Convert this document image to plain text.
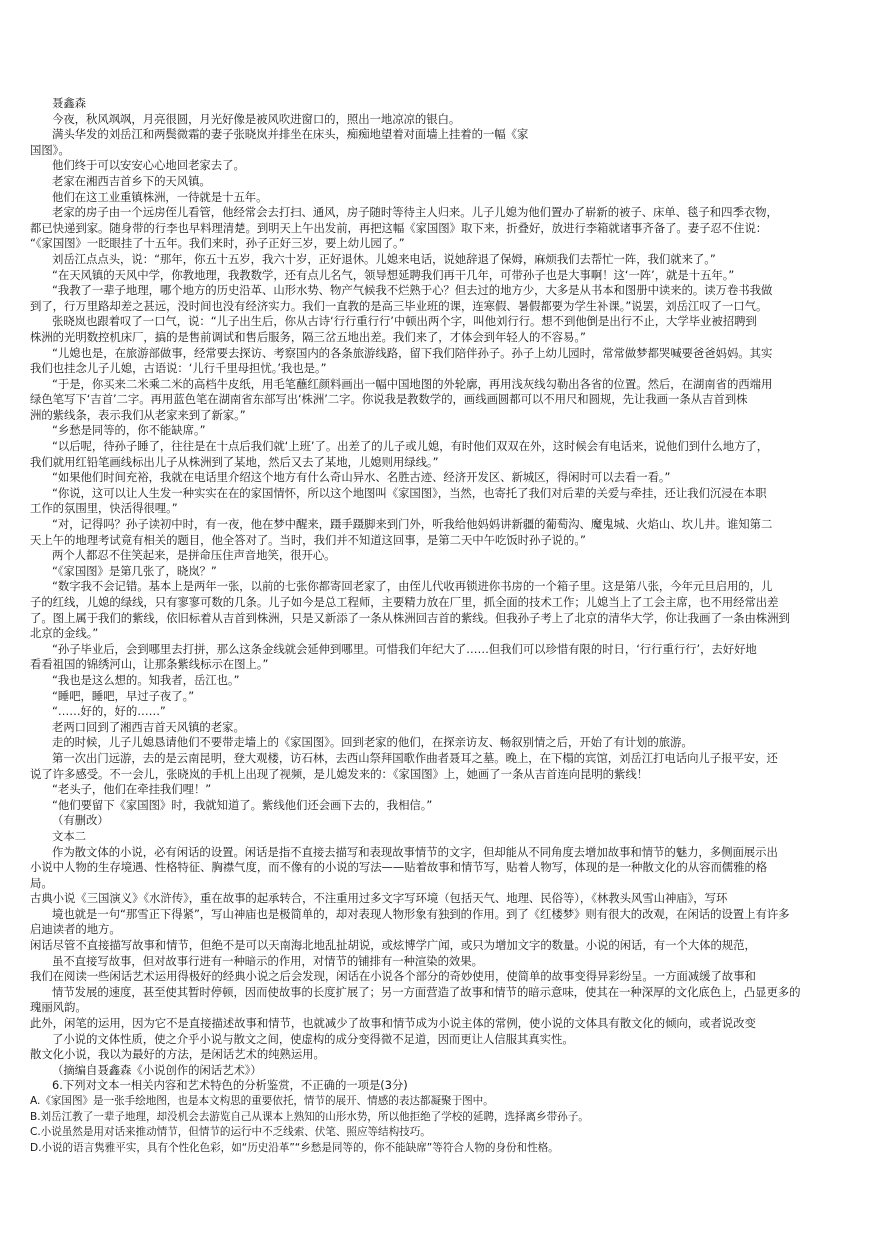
聂鑫森
今夜，秋风飒飒，月亮很圆，月光好像是被风吹进窗口的，照出一地凉凉的银白。
满头华发的刘岳江和两鬓微霜的妻子张晓岚并排坐在床头，痴痴地望着对面墙上挂着的一幅《家
国图》。
他们终于可以安安心心地回老家去了。
老家在湘西吉首乡下的天风镇。
他们在这工业重镇株洲，一待就是十五年。
老家的房子由一个远房侄儿看管，他经常会去打扫、通风，房子随时等待主人归来。儿子儿媳为他们置办了崭新的被子、床单、毯子和四季衣物，
都已快递到家。随身带的行李也早料理清楚。到明天上午出发前，再把这幅《家国图》取下来，折叠好，放进行李箱就诸事齐备了。妻子忍不住说：
“《家国图》一眨眼挂了十五年。我们来时，孙子正好三岁，要上幼儿园了。”
刘岳江点点头，说：“那年，你五十五岁，我六十岁，正好退休。儿媳来电话，说她辞退了保姆，麻烦我们去帮忙一阵，我们就来了。”
“在天风镇的天风中学，你教地理，我教数学，还有点儿名气，领导想延聘我们再干几年，可带孙子也是大事啊！这‘一阵’，就是十五年。”
“我教了一辈子地理，哪个地方的历史沿革、山形水势、物产气候我不烂熟于心？但去过的地方少，大多是从书本和图册中读来的。读万卷书我做
到了，行万里路却差之甚远，没时间也没有经济实力。我们一直教的是高三毕业班的课，连寒假、暑假都要为学生补课。”说罢，刘岳江叹了一口气。
张晓岚也跟着叹了一口气，说：“儿子出生后，你从古诗‘行行重行行’中顿出两个字，叫他刘行行。想不到他倒是出行不止，大学毕业被招聘到
株洲的光明数控机床厂，搞的是售前调试和售后服务，隔三岔五地出差。我们来了，才体会到年轻人的不容易。”
“儿媳也是，在旅游部做事，经常要去探访、考察国内的各条旅游线路，留下我们陪伴孙子。孙子上幼儿园时，常常做梦都哭喊要爸爸妈妈。其实
我们也挂念儿子儿媳，古语说：‘儿行千里母担忧。’我也是。”
“于是，你买来二米乘二米的高档牛皮纸，用毛笔蘸红颜料画出一幅中国地图的外轮廓，再用浅灰线勾勒出各省的位置。然后，在湖南省的西端用
绿色笔写下‘吉首’二字。再用蓝色笔在湖南省东部写出‘株洲’二字。你说我是教数学的，画线画圆都可以不用尺和圆规，先让我画一条从吉首到株
洲的紫线条，表示我们从老家来到了新家。”
“乡愁是同等的，你不能缺席。”
“以后呢，待孙子睡了，往往是在十点后我们就‘上班’了。出差了的儿子或儿媳，有时他们双双在外，这时候会有电话来，说他们到什么地方了，
我们就用红铅笔画线标出儿子从株洲到了某地，然后又去了某地，儿媳则用绿线。”
“如果他们时间充裕，我就在电话里介绍这个地方有什么奇山异水、名胜古迹、经济开发区、新城区，得闲时可以去看一看。”
“你说，这可以让人生发一种实实在在的家国情怀，所以这个地图叫《家国图》，当然，也寄托了我们对后辈的关爱与牵挂，还让我们沉浸在本职
工作的氛围里，快活得很哩。”
“对，记得吗？孙子读初中时，有一夜，他在梦中醒来，蹑手蹑脚来到门外，听我给他妈妈讲新疆的葡萄沟、魔鬼城、火焰山、坎儿井。谁知第二
天上午的地理考试竟有相关的题目，他全答对了。当时，我们并不知道这回事，是第二天中午吃饭时孙子说的。”
两个人都忍不住笑起来，是拼命压住声音地笑，很开心。
“《家国图》是第几张了，晓岚？”
“数字我不会记错。基本上是两年一张，以前的七张你都寄回老家了，由侄儿代收再锁进你书房的一个箱子里。这是第八张，今年元旦启用的，儿
子的红线，儿媳的绿线，只有寥寥可数的几条。儿子如今是总工程师，主要精力放在厂里，抓全面的技术工作；儿媳当上了工会主席，也不用经常出差
了。图上属于我们的紫线，依旧标着从吉首到株洲，只是又新添了一条从株洲回吉首的紫线。但我孙子考上了北京的清华大学，你让我画了一条由株洲到
北京的金线。”
“孙子毕业后，会到哪里去打拼，那么这条金线就会延伸到哪里。可惜我们年纪大了……但我们可以珍惜有限的时日，‘行行重行行’，去好好地
看看祖国的锦绣河山，让那条紫线标示在图上。”
“我也是这么想的。知我者，岳江也。”
“睡吧，睡吧，早过子夜了。”
“……好的，好的……”
老两口回到了湘西吉首天风镇的老家。
走的时候，儿子儿媳恳请他们不要带走墙上的《家国图》。回到老家的他们，在探亲访友、畅叙别情之后，开始了有计划的旅游。
第一次出门远游，去的是云南昆明，登大观楼，访石林，去西山祭拜国歌作曲者聂耳之墓。晚上，在下榻的宾馆，刘岳江打电话向儿子报平安，还
说了许多感受。不一会儿，张晓岚的手机上出现了视频，是儿媳发来的：《家国图》上，她画了一条从吉首连向昆明的紫线！
“老头子，他们在牵挂我们哩！”
“他们要留下《家国图》时，我就知道了。紫线他们还会画下去的，我相信。”
（有删改）
文本二
作为散文体的小说，必有闲话的设置。闲话是指不直接去描写和表现故事情节的文字，但却能从不同角度去增加故事和情节的魅力，多侧面展示出
小说中人物的生存境遇、性格特征、胸襟气度，而不像有的小说的写法——贴着故事和情节写，贴着人物写，体现的是一种散文化的从容而儒雅的格
局。
古典小说《三国演义》《水浒传》，重在故事的起承转合，不注重用过多文字写环境（包括天气、地理、民俗等），《林教头风雪山神庙》，写环
境也就是一句“那雪正下得紧”，写山神庙也是极简单的，却对表现人物形象有独到的作用。到了《红楼梦》则有很大的改观，在闲话的设置上有许多
启迪读者的地方。
闲话尽管不直接描写故事和情节，但绝不是可以天南海北地乱扯胡说，或炫博学广闻，或只为增加文字的数量。小说的闲话，有一个大体的规范，
虽不直接写故事，但对故事行进有一种暗示的作用，对情节的铺排有一种渲染的效果。
我们在阅读一些闲话艺术运用得极好的经典小说之后会发现，闲话在小说各个部分的奇妙使用，使简单的故事变得异彩纷呈。一方面减缓了故事和
情节发展的速度，甚至使其暂时停顿，因而使故事的长度扩展了；另一方面营造了故事和情节的暗示意味，使其在一种深厚的文化底色上，凸显更多的
瑰丽风韵。
此外，闲笔的运用，因为它不是直接描述故事和情节，也就减少了故事和情节成为小说主体的常例，使小说的文体具有散文化的倾向，或者说改变
了小说的文体性质，使之介乎小说与散文之间，使虚构的成分变得微不足道，因而更让人信服其真实性。
散文化小说，我以为最好的方法，是闲话艺术的纯熟运用。
（摘编自聂鑫森《小说创作的闲话艺术》）
6.下列对文本一相关内容和艺术特色的分析鉴赏，不正确的一项是(3分)
A.《家国图》是一张手绘地图，也是本文构思的重要依托，情节的展开、情感的表达都凝聚于图中。
B.刘岳江教了一辈子地理，却没机会去游览自己从课本上熟知的山形水势，所以他拒绝了学校的延聘，选择离乡带孙子。
C.小说虽然是用对话来推动情节，但情节的运行中不乏线索、伏笔、照应等结构技巧。
D.小说的语言隽雅平实，具有个性化色彩，如“历史沿革”“乡愁是同等的，你不能缺席”等符合人物的身份和性格。
